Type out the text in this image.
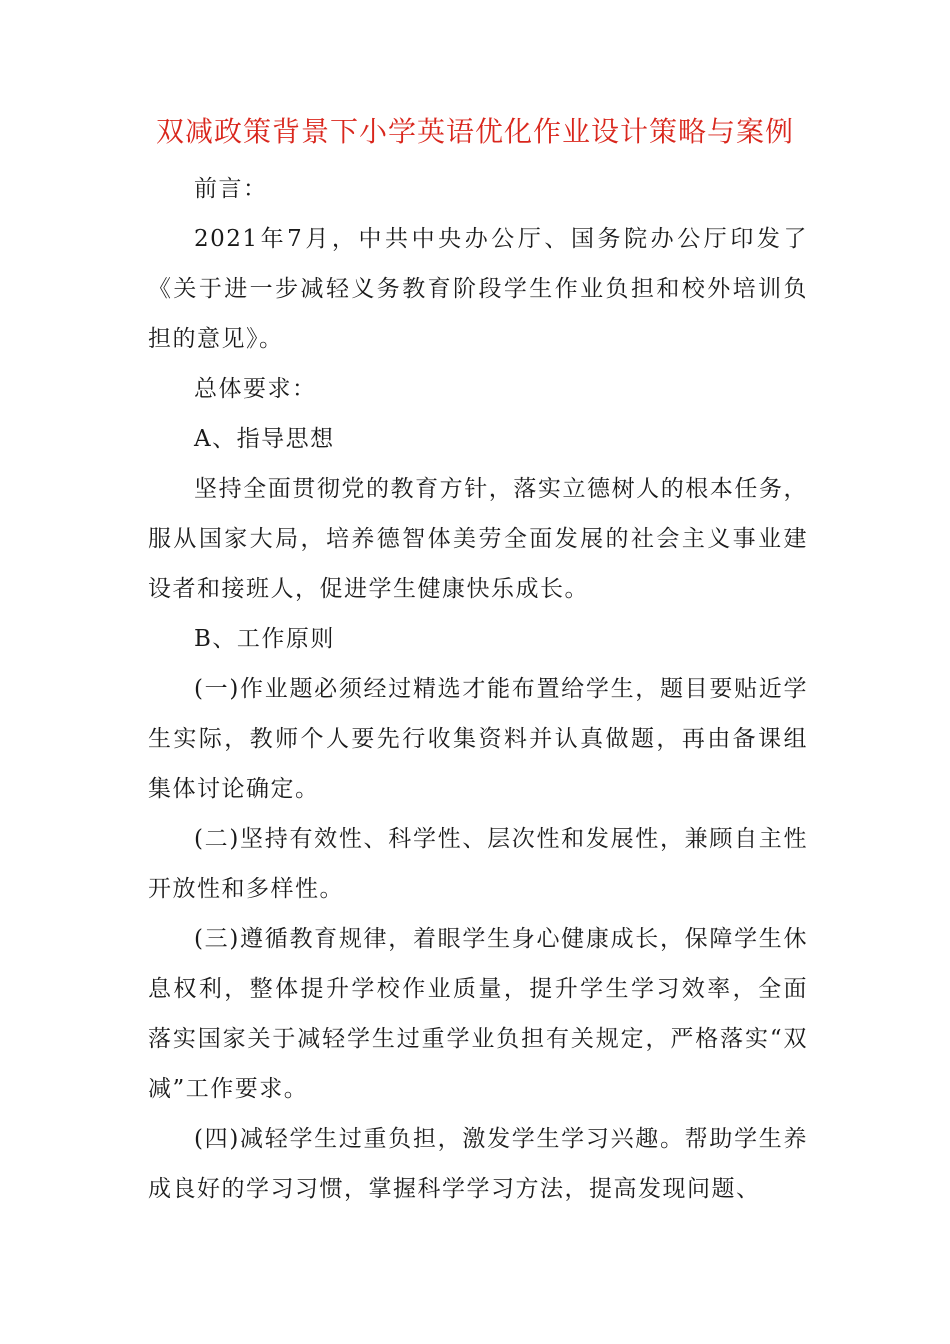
双减政策背景下小学英语优化作业设计策略与案例

前言：

2021年7月，中共中央办公厅、国务院办公厅印发了《关于进一步减轻义务教育阶段学生作业负担和校外培训负担的意见》。

总体要求：

A、指导思想

坚持全面贯彻党的教育方针，落实立德树人的根本任务，服从国家大局，培养德智体美劳全面发展的社会主义事业建设者和接班人，促进学生健康快乐成长。

B、工作原则

(一)作业题必须经过精选才能布置给学生，题目要贴近学生实际，教师个人要先行收集资料并认真做题，再由备课组集体讨论确定。

(二)坚持有效性、科学性、层次性和发展性，兼顾自主性开放性和多样性。

(三)遵循教育规律，着眼学生身心健康成长，保障学生休息权利，整体提升学校作业质量，提升学生学习效率，全面落实国家关于减轻学生过重学业负担有关规定，严格落实“双减”工作要求。

(四)减轻学生过重负担，激发学生学习兴趣。帮助学生养成良好的学习习惯，掌握科学学习方法，提高发现问题、
